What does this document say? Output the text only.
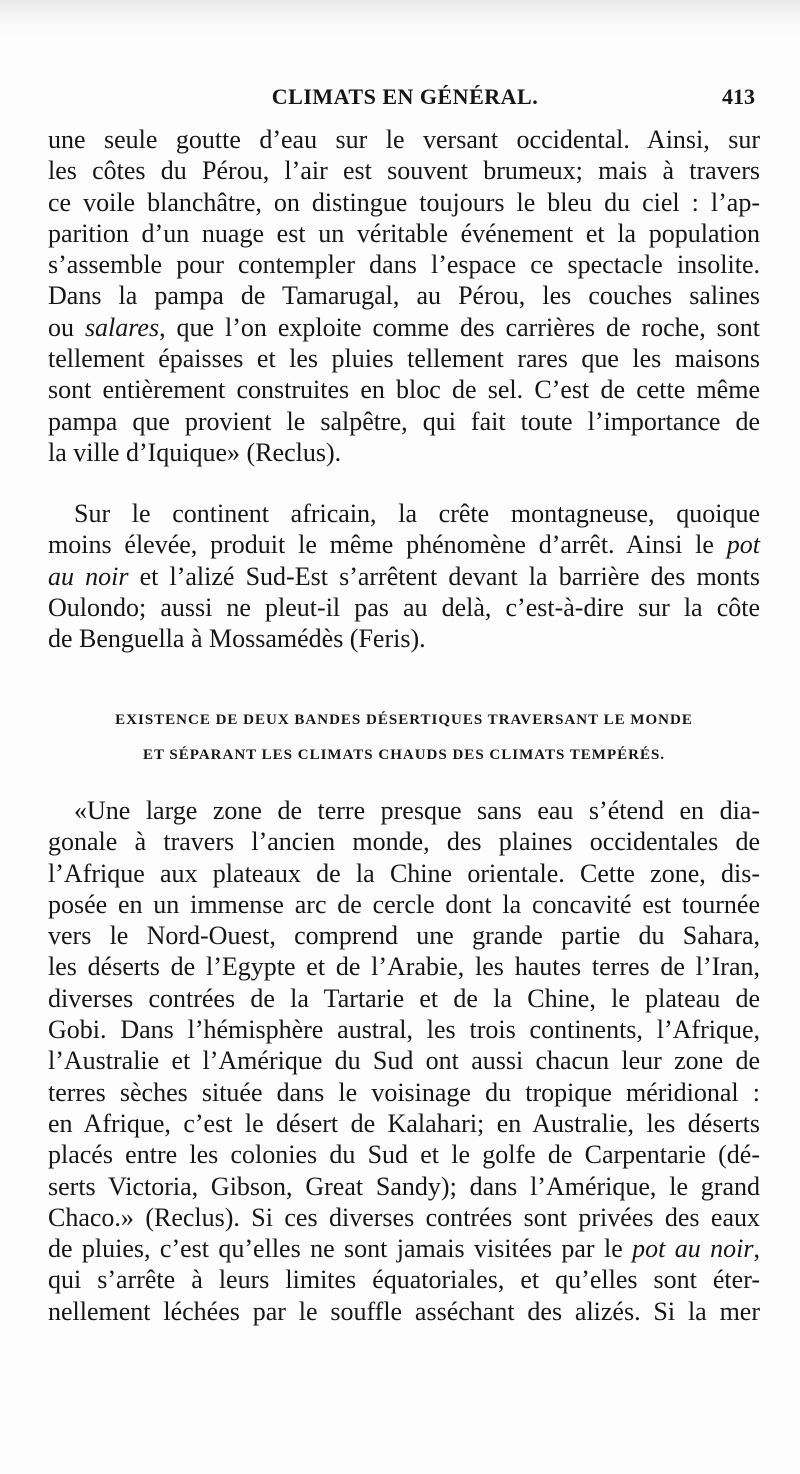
CLIMATS EN GÉNÉRAL.	413
une seule goutte d’eau sur le versant occidental. Ainsi, sur
les côtes du Pérou, l’air est souvent brumeux; mais à travers
ce voile blanchâtre, on distingue toujours le bleu du ciel : l’ap-
parition d’un nuage est un véritable événement et la population
s’assemble pour contempler dans l’espace ce spectacle insolite.
Dans la pampa de Tamarugal, au Pérou, les couches salines
ou salares, que l’on exploite comme des carrières de roche, sont
tellement épaisses et les pluies tellement rares que les maisons
sont entièrement construites en bloc de sel. C’est de cette même
pampa que provient le salpêtre, qui fait toute l’importance de
la ville d’Iquique» (Reclus).
Sur le continent africain, la crête montagneuse, quoique
moins élevée, produit le même phénomène d’arrêt. Ainsi le pot
au noir et l’alizé Sud-Est s’arrêtent devant la barrière des monts
Oulondo; aussi ne pleut-il pas au delà, c’est-à-dire sur la côte
de Benguella à Mossamédès (Feris).
EXISTENCE DE DEUX BANDES DÉSERTIQUES TRAVERSANT LE MONDE
ET SÉPARANT LES CLIMATS CHAUDS DES CLIMATS TEMPÉRÉS.
«Une large zone de terre presque sans eau s’étend en dia-
gonale à travers l’ancien monde, des plaines occidentales de
l’Afrique aux plateaux de la Chine orientale. Cette zone, dis-
posée en un immense arc de cercle dont la concavité est tournée
vers le Nord-Ouest, comprend une grande partie du Sahara,
les déserts de l’Egypte et de l’Arabie, les hautes terres de l’Iran,
diverses contrées de la Tartarie et de la Chine, le plateau de
Gobi. Dans l’hémisphère austral, les trois continents, l’Afrique,
l’Australie et l’Amérique du Sud ont aussi chacun leur zone de
terres sèches située dans le voisinage du tropique méridional :
en Afrique, c’est le désert de Kalahari; en Australie, les déserts
placés entre les colonies du Sud et le golfe de Carpentarie (dé-
serts Victoria, Gibson, Great Sandy); dans l’Amérique, le grand
Chaco.» (Reclus). Si ces diverses contrées sont privées des eaux
de pluies, c’est qu’elles ne sont jamais visitées par le pot au noir,
qui s’arrête à leurs limites équatoriales, et qu’elles sont éter-
nellement léchées par le souffle asséchant des alizés. Si la mer
